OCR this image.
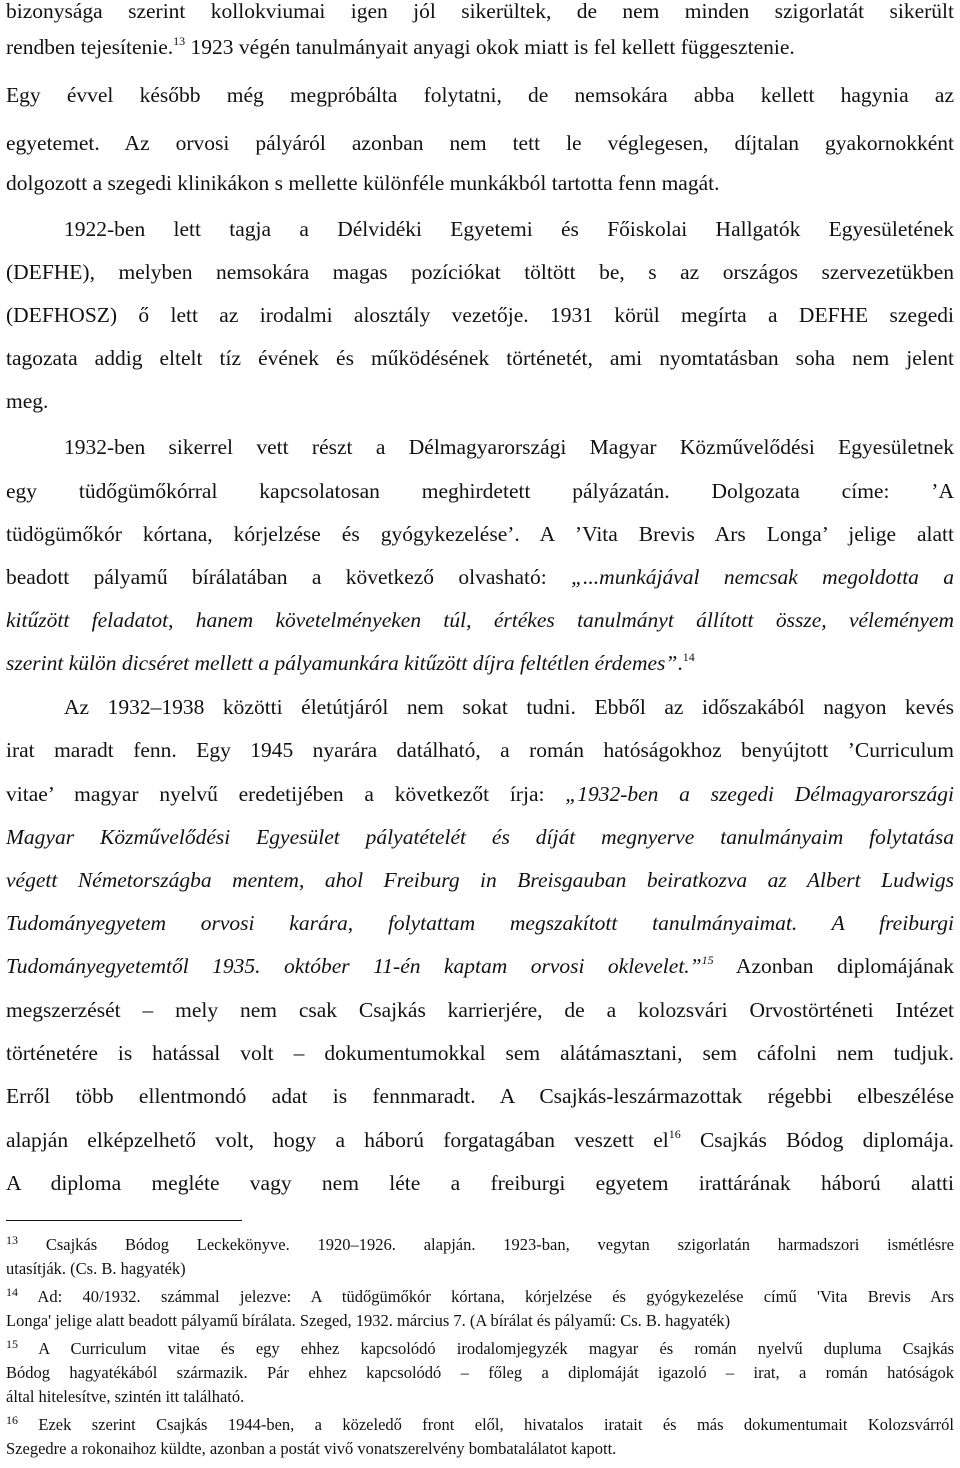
bizonysága szerint kollokviumai igen jól sikerültek, de nem minden szigorlatát sikerült
rendben tejesítenie.$^{13}$ 1923 végén tanulmányait anyagi okok miatt is fel kellett függesztenie.
Egy évvel később még megpróbálta folytatni, de nemsokára abba kellett hagynia az
egyetemet. Az orvosi pályáról azonban nem tett le véglegesen, díjtalan gyakornokként
dolgozott a szegedi klinikákon s mellette különféle munkákból tartotta fenn magát.
1922-ben lett tagja a Délvidéki Egyetemi és Főiskolai Hallgatók Egyesületének
(DEFHE), melyben nemsokára magas pozíciókat töltött be, s az országos szervezetükben
(DEFHOSZ) ő lett az irodalmi alosztály vezetője. 1931 körül megírta a DEFHE szegedi
tagozata addig eltelt tíz évének és működésének történetét, ami nyomtatásban soha nem jelent
meg.
1932-ben sikerrel vett részt a Délmagyarországi Magyar Közművelődési Egyesületnek
egy tüdőgümőkórral kapcsolatosan meghirdetett pályázatán. Dolgozata címe: ’A
tüdögümőkór kórtana, kórjelzése és gyógykezelése’. A ’Vita Brevis Ars Longa’ jelige alatt
beadott pályamű bírálatában a következő olvasható: „...munkájával nemcsak megoldotta a
kitűzött feladatot, hanem követelményeken túl, értékes tanulmányt állított össze, véleményem
szerint külön dicséret mellett a pályamunkára kitűzött díjra feltétlen érdemes”.$^{14}$
Az 1932–1938 közötti életútjáról nem sokat tudni. Ebből az időszakából nagyon kevés
irat maradt fenn. Egy 1945 nyarára datálható, a román hatóságokhoz benyújtott ’Curriculum
vitae’ magyar nyelvű eredetijében a következőt írja: „1932-ben a szegedi Délmagyarországi
Magyar Közművelődési Egyesület pályatételét és díját megnyerve tanulmányaim folytatása
végett Németországba mentem, ahol Freiburg in Breisgauban beiratkozva az Albert Ludwigs
Tudományegyetem orvosi karára, folytattam megszakított tanulmányaimat. A freiburgi
Tudományegyetemtől 1935. október 11-én kaptam orvosi oklevelet.”$^{15}$ Azonban diplomájának
megszerzését – mely nem csak Csajkás karrierjére, de a kolozsvári Orvostörténeti Intézet
történetére is hatással volt – dokumentumokkal sem alátámasztani, sem cáfolni nem tudjuk.
Erről több ellentmondó adat is fennmaradt. A Csajkás-leszármazottak régebbi elbeszélése
alapján elképzelhető volt, hogy a háború forgatagában veszett $el^{16}$ Csajkás Bódog diplomája.
A diploma megléte vagy nem léte a freiburgi egyetem irattárának háború alatti
$^{13}$ Csajkás Bódog Leckekönyve. 1920–1926. alapján. 1923-ban, vegytan szigorlatán harmadszori ismétlésre
utasítják. (Cs. B. hagyaték)
$^{14}$ Ad: 40/1932. számmal jelezve: A tüdőgümőkór kórtana, kórjelzése és gyógykezelése című 'Vita Brevis Ars
Longa' jelige alatt beadott pályamű bírálata. Szeged, 1932. március 7. (A bírálat és pályamű: Cs. B. hagyaték)
$^{15}$ A Curriculum vitae és egy ehhez kapcsolódó irodalomjegyzék magyar és román nyelvű duplumа Csajkás
Bódog hagyatékából származik. Pár ehhez kapcsolódó – főleg a diplomáját igazoló – irat, a román hatóságok
által hitelesítve, szintén itt található.
$^{16}$ Ezek szerint Csajkás 1944-ben, a közeledő front elől, hivatalos iratait és más dokumentumait Kolozsvárról
Szegedre a rokonaihoz küldte, azonban a postát vivő vonatszerelvény bombatalálatot kapott.
